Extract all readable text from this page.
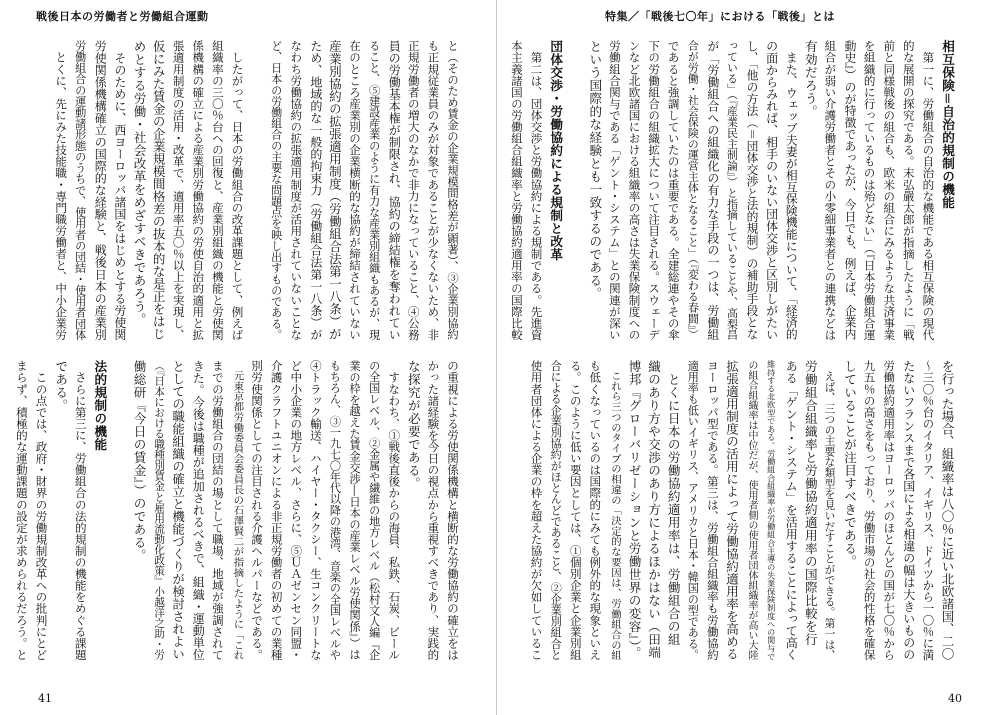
戦後日本の労働者と労働組合運動	特集／「戦後七〇年」における「戦後」とは
相互保険＝自治的規制の機能
　第一に、労働組合の自治的な機能である相互保険の現代
的な展開の探究である。末弘嚴太郎が指摘したように「戦
前と同様戦後の組合も、欧米の組合にみるような共済事業
を組織的に行っているものは殆どない」（『日本労働組合運
動史』）のが特徴であったが、今日でも、例えば、企業内
組合が弱い介護労働者とその小零細事業者との連携などは
有効だろう。
　また、ウェッブ夫妻が相互保険機能について、「経済的
の面からみれば、相手のいない団体交渉と区別しがたい
し、「他の方法（＝団体交渉と法的規制）の補助手段とな
っている」（『産業民主制論』）と指摘していることや、高梨昌
が「労働組合への組織化の有力な手段の一つは、労働組
合が労働・社会保険の運営主体となること」（『変わる春闘』）
であると強調していたのは重要である。全建総連やその傘
下の労働組合の組織拡大について注目される。スウェーデ
ンなど北欧諸国における組織率の高さは失業保険制度への
労働組合関与である「ゲント・システム」との関連が深い
という国際的な経験とも一致するのである。

団体交渉・労働協約による規制と改革
　第二は、団体交渉と労働協約による規制である。先進資
本主義諸国の労働組合組織率と労働協約適用率の国際比較
を行った場合、組織率は八〇％に近い北欧諸国、二〇
～三〇％台のイタリア、イギリス、ドイツから一〇％に満
たないフランスまで各国による相違の幅は大きいものの
労働協約適用率はヨーロッパのほとんどの国が七〇％から
九五％の高さをもっており、労働市場の社会的性格を確保
していることが注目すべきである。
　えば、三つの主要な類型を見いだすことができる。第一は、
労働組合組織率と労働協約適用率の国際比較を行
ある「ゲント・システム」を活用することによって高く
維持する北欧型である。労働組合組織率が労働組合主導の失業保険制度への関与で
の組合組織率は中位だが、使用者側の使用者団体組織率が高い大陸
拡張適用制度の活用によって労働協約適用率を高める
ヨーロッパ型である。第三は、労働組合組織率も労働協約
適用率も低いイギリス、アメリカと日本・韓国の型である。
　とくに日本の労働協約適用率は、労働組合の組
織のあり方や交渉のあり方によるほかはない（田端
博邦『グローバリゼーションと労働世界の変容』）。
　これら三つのタイプの相違の「決定的な要因は、労働組合の組
も低くなっているのは国際的にみても例外的な現象といえ
る。このように低い要因としては、①個別企業と企業別組
合による企業別協約がほとんどであること、②企業別組合と
使用者団体による企業の枠を超えた協約が欠如しているこ
と（そのため賃金の企業規模間格差が顕著）、③企業別協約
も正規従業員のみが対象であることが少なくないため、非
正規労働者の増大のなかで非力になっていること、④公務
員の労働基本権が制限され、協約の締結権を奪われてい
ること、⑤建設産業のように有力な産業別組織もあるが、現
在のところ産業別の企業横断的な協約が締結されていない
産業別協約の拡張適用制度（労働組合法第一八条）が
ため、地域的な一般的拘束力（労働組合法第一八条）が
なわち労働協約の拡張適用制度が活用されていないことな
ど、日本の労働組合の主要な問題点を映し出すものである。

　したがって、日本の労働組合の改革課題として、例えば
組織率の三〇％台への回復と、産業別組織の機能と労使関
係機構の確立による産業別労働協約の労使自治的適用と拡
張適用制度の活用・改革で、適用率五〇％以上を実現し、
仮にみた賃金の企業規模間格差の抜本的な是正をはじ
めとする労働・社会改革をめざすべきであろう。
　そのために、西ヨーロッパ諸国をはじめとする労使関
労使関係機構確立の国際的な経験と、戦後日本の産業別
労働組合の運動諸形態のうちで、使用者の団結・使用者団体
　とくに、先にみた技能職・専門職労働者と、中小企業労
の重視による労使関係機構と横断的な労働協約の確立をは
かった諸経験を今日の視点から重視すべきであり、実践的
な探究が必要である。
　すなわち、①戦後直後からの海員、私鉄、石炭、ビール
の全国レベル、②金属や繊維の地方レベル（松村文人編『企
業の枠を越えた賃金交渉―日本の産業レベル労使関係』）は
もちろん、③一九七〇年代以降の港湾、音楽の全国レベルや
④トラック輸送、ハイヤー・タクシー、生コンクリートな
ど中小企業の地方レベル、さらに、⑤ＵＡゼンセン同盟・
介護クラフトユニオンによる非正規労働者の初めての業種
別労使関係としての注目される介護ヘルパーなどである。
　元東京都労働委員会委員長の石澤賢二が指摘したように「これ
までの労働組合の団結の場として職場、地域が強調されて
きた。今後は職種が追加されるべきで、組織・運動単位
としての職能組織の確立と機能づくりが検討されよい
（『日本における職種別賃金と雇用流動化政策』小越洋之助・労
働総研『今日の賃金』）のである。

法的規制の機能
　さらに第三に、労働組合の法的規制の機能をめぐる課題
である。
　この点では、政府・財界の労働規制改革への批判にとど
まらず、積極的な運動課題の設定が求められるだろう。と
41	40
